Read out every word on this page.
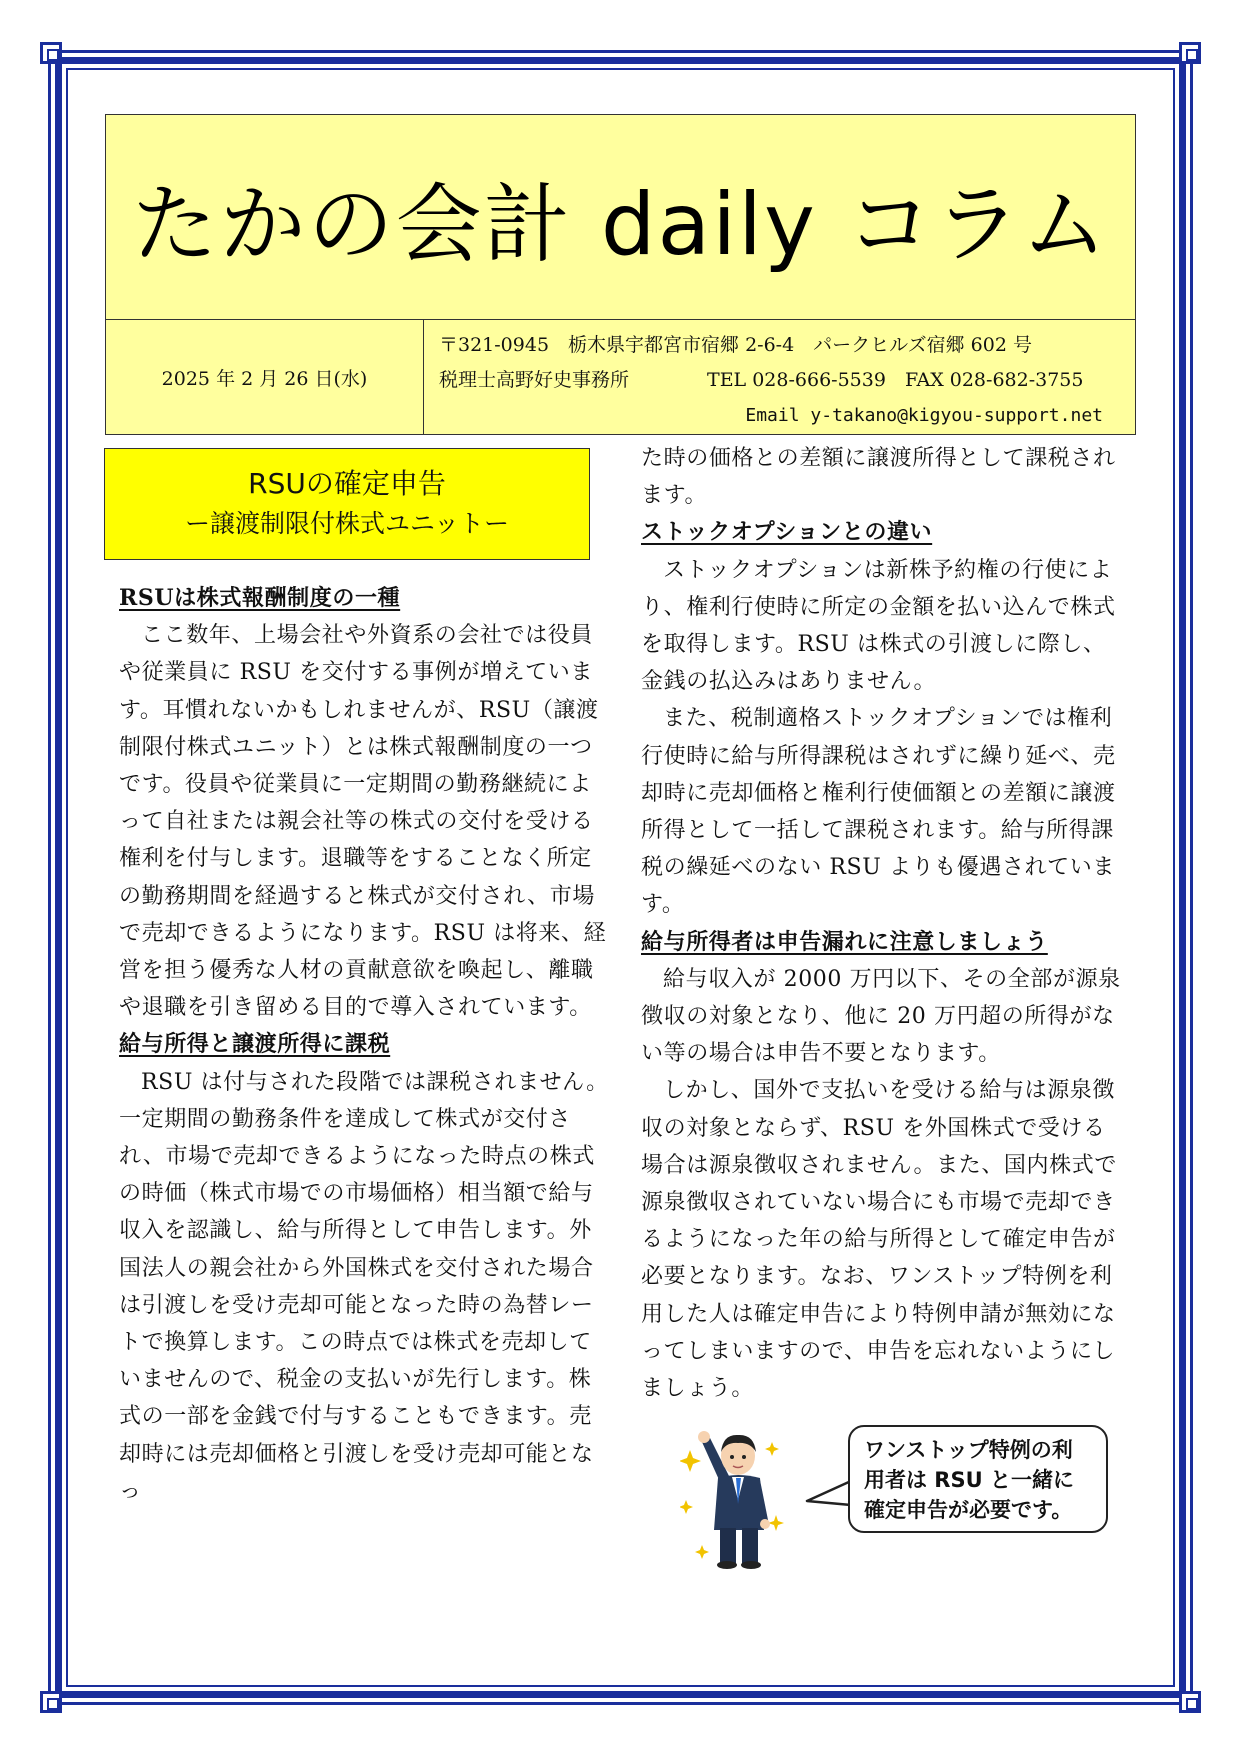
たかの会計 daily コラム
2025 年 2 月 26 日(水)
〒321-0945　栃木県宇都宮市宿郷 2-6-4　パークヒルズ宿郷 602 号
税理士高野好史事務所	TEL 028-666-5539　FAX 028-682-3755
Email y-takano@kigyou-support.net
RSUの確定申告
ー譲渡制限付株式ユニットー
RSUは株式報酬制度の一種

ここ数年、上場会社や外資系の会社では役員や従業員に RSU を交付する事例が増えています。耳慣れないかもしれませんが、RSU（譲渡制限付株式ユニット）とは株式報酬制度の一つです。役員や従業員に一定期間の勤務継続によって自社または親会社等の株式の交付を受ける権利を付与します。退職等をすることなく所定の勤務期間を経過すると株式が交付され、市場で売却できるようになります。RSU は将来、経営を担う優秀な人材の貢献意欲を喚起し、離職や退職を引き留める目的で導入されています。

給与所得と譲渡所得に課税

RSU は付与された段階では課税されません。一定期間の勤務条件を達成して株式が交付され、市場で売却できるようになった時点の株式の時価（株式市場での市場価格）相当額で給与収入を認識し、給与所得として申告します。外国法人の親会社から外国株式を交付された場合は引渡しを受け売却可能となった時の為替レートで換算します。この時点では株式を売却していませんので、税金の支払いが先行します。株式の一部を金銭で付与することもできます。売却時には売却価格と引渡しを受け売却可能となっ

た時の価格との差額に譲渡所得として課税されます。

ストックオプションとの違い

ストックオプションは新株予約権の行使により、権利行使時に所定の金額を払い込んで株式を取得します。RSU は株式の引渡しに際し、金銭の払込みはありません。

また、税制適格ストックオプションでは権利行使時に給与所得課税はされずに繰り延べ、売却時に売却価格と権利行使価額との差額に譲渡所得として一括して課税されます。給与所得課税の繰延べのない RSU よりも優遇されています。

給与所得者は申告漏れに注意しましょう

給与収入が 2000 万円以下、その全部が源泉徴収の対象となり、他に 20 万円超の所得がない等の場合は申告不要となります。

しかし、国外で支払いを受ける給与は源泉徴収の対象とならず、RSU を外国株式で受ける場合は源泉徴収されません。また、国内株式で源泉徴収されていない場合にも市場で売却できるようになった年の給与所得として確定申告が必要となります。なお、ワンストップ特例を利用した人は確定申告により特例申請が無効になってしまいますので、申告を忘れないようにしましょう。

ワンストップ特例の利用者は RSU と一緒に確定申告が必要です。
